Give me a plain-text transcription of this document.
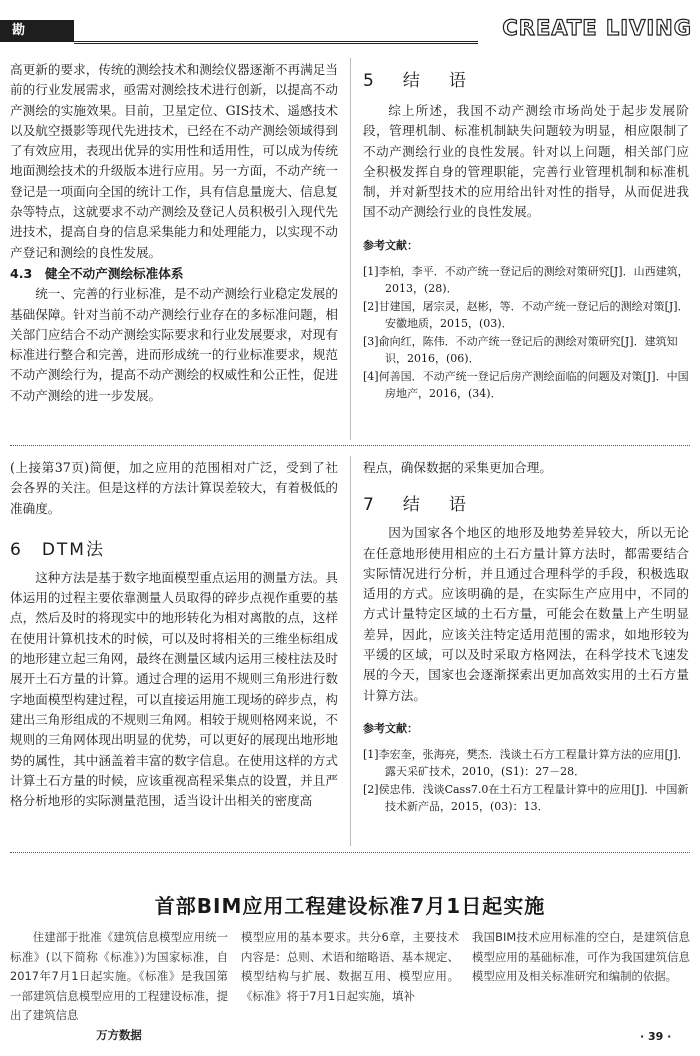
勘 测
CREATE LIVING
高更新的要求，传统的测绘技术和测绘仪器逐渐不再满足当前的行业发展需求，亟需对测绘技术进行创新，以提高不动产测绘的实施效果。目前，卫星定位、GIS技术、遥感技术以及航空摄影等现代先进技术，已经在不动产测绘领域得到了有效应用，表现出优异的实用性和适用性，可以成为传统地面测绘技术的升级版本进行应用。另一方面，不动产统一登记是一项面向全国的统计工作，具有信息量庞大、信息复杂等特点，这就要求不动产测绘及登记人员积极引入现代先进技术，提高自身的信息采集能力和处理能力，以实现不动产登记和测绘的良性发展。
4.3　健全不动产测绘标准体系
统一、完善的行业标准，是不动产测绘行业稳定发展的基础保障。针对当前不动产测绘行业存在的多标准问题，相关部门应结合不动产测绘实际要求和行业发展要求，对现有标准进行整合和完善，进而形成统一的行业标准要求，规范不动产测绘行为，提高不动产测绘的权威性和公正性，促进不动产测绘的进一步发展。
5　结　语
综上所述，我国不动产测绘市场尚处于起步发展阶段，管理机制、标准机制缺失问题较为明显，相应限制了不动产测绘行业的良性发展。针对以上问题，相关部门应全积极发挥自身的管理职能，完善行业管理机制和标准机制，并对新型技术的应用给出针对性的指导，从而促进我国不动产测绘行业的良性发展。
参考文献：
[1]李柏，李平．不动产统一登记后的测绘对策研究[J]．山西建筑，2013，(28)．
[2]甘建国，屠宗灵，赵彬，等．不动产统一登记后的测绘对策[J]．安徽地质，2015，(03)．
[3]俞向红，陈伟．不动产统一登记后的测绘对策研究[J]．建筑知识，2016，(06)．
[4]何善国．不动产统一登记后房产测绘面临的问题及对策[J]．中国房地产，2016，(34)．
(上接第37页)简便，加之应用的范围相对广泛，受到了社会各界的关注。但是这样的方法计算误差较大，有着极低的准确度。
6　DTM法
这种方法是基于数字地面模型重点运用的测量方法。具体运用的过程主要依靠测量人员取得的碎步点视作重要的基点，然后及时的将现实中的地形转化为相对离散的点，这样在使用计算机技术的时候，可以及时将相关的三维坐标组成的地形建立起三角网，最终在测量区域内运用三棱柱法及时展开土石方量的计算。通过合理的运用不规则三角形进行数字地面模型构建过程，可以直接运用施工现场的碎步点，构建出三角形组成的不规则三角网。相较于规则格网来说，不规则的三角网体现出明显的优势，可以更好的展现出地形地势的属性，其中涵盖着丰富的数字信息。在使用这样的方式计算土石方量的时候，应该重视高程采集点的设置，并且严格分析地形的实际测量范围，适当设计出相关的密度高
程点，确保数据的采集更加合理。
7　结　语
因为国家各个地区的地形及地势差异较大，所以无论在任意地形使用相应的土石方量计算方法时，都需要结合实际情况进行分析，并且通过合理科学的手段，积极选取适用的方式。应该明确的是，在实际生产应用中，不同的方式计量特定区域的土石方量，可能会在数量上产生明显差异，因此，应该关注特定适用范围的需求，如地形较为平缓的区域，可以及时采取方格网法，在科学技术飞速发展的今天，国家也会逐渐探索出更加高效实用的土石方量计算方法。
参考文献：
[1]李宏奎，张海亮，樊杰．浅谈土石方工程量计算方法的应用[J]．露天采矿技术，2010，(S1)：27－28．
[2]侯忠伟．浅谈Cass7.0在土石方工程量计算中的应用[J]．中国新技术新产品，2015，(03)：13．
首部BIM应用工程建设标准7月1日起实施
住建部于批准《建筑信息模型应用统一标准》(以下简称《标准》)为国家标准，自2017年7月1日起实施。《标准》是我国第一部建筑信息模型应用的工程建设标准，提出了建筑信息
万方数据
模型应用的基本要求。共分6章，主要技术内容是：总则、术语和缩略语、基本规定、模型结构与扩展、数据互用、模型应用。《标准》将于7月1日起实施，填补
我国BIM技术应用标准的空白，是建筑信息模型应用的基础标准，可作为我国建筑信息模型应用及相关标准研究和编制的依据。
· 39 ·
